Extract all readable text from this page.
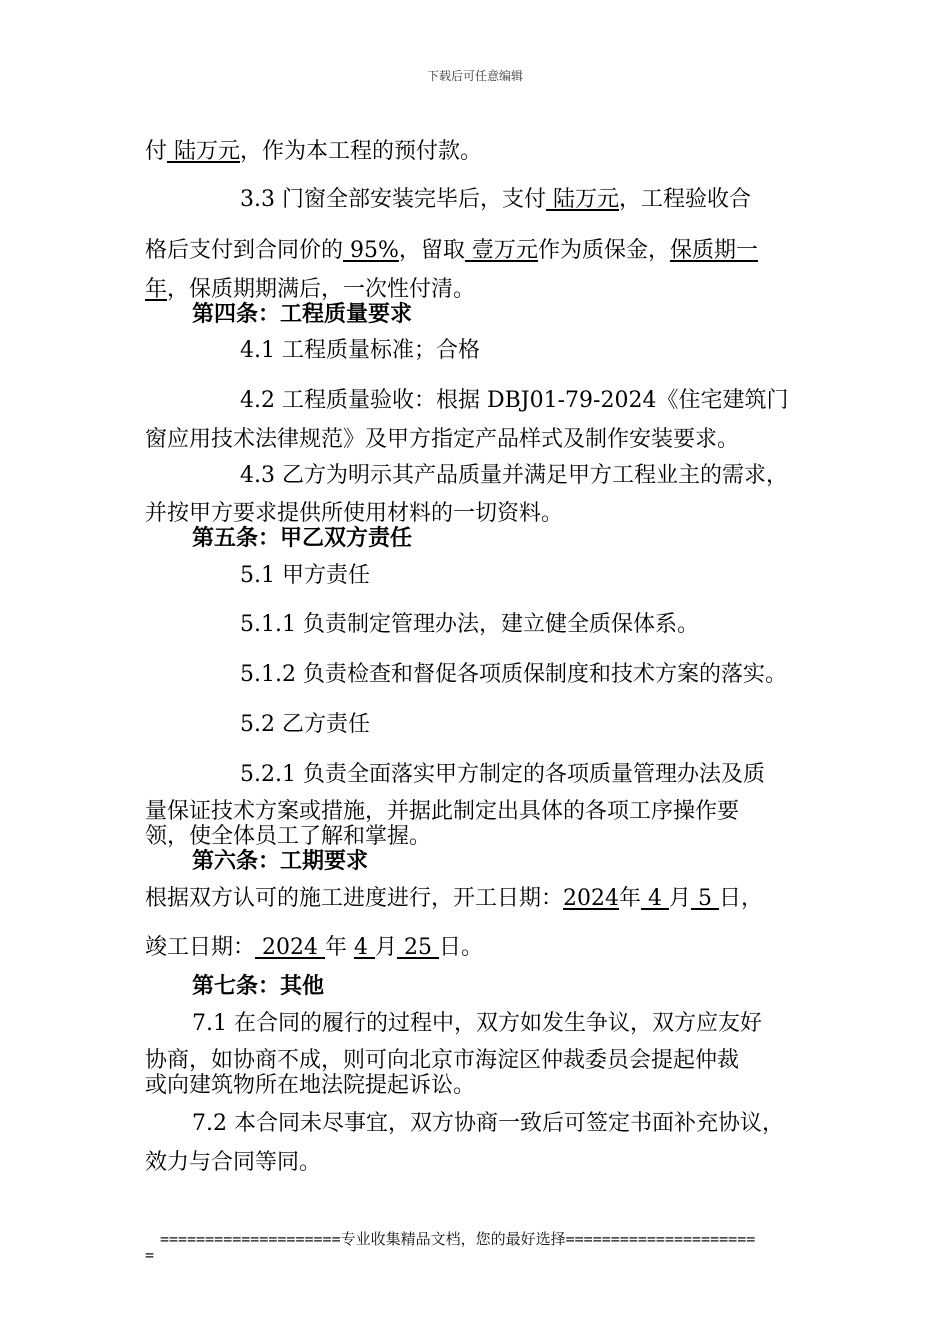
下载后可任意编辑
付 陆万元，作为本工程的预付款。
3.3 门窗全部安装完毕后，支付 陆万元，工程验收合
格后支付到合同价的 95%，留取 壹万元作为质保金，保质期一
年，保质期期满后，一次性付清。
第四条：工程质量要求
4.1 工程质量标准；合格
4.2 工程质量验收：根据 DBJ01-79-2024《住宅建筑门
窗应用技术法律规范》及甲方指定产品样式及制作安装要求。
4.3 乙方为明示其产品质量并满足甲方工程业主的需求，
并按甲方要求提供所使用材料的一切资料。
第五条：甲乙双方责任
5.1 甲方责任
5.1.1 负责制定管理办法，建立健全质保体系。
5.1.2 负责检查和督促各项质保制度和技术方案的落实。
5.2 乙方责任
5.2.1 负责全面落实甲方制定的各项质量管理办法及质
量保证技术方案或措施，并据此制定出具体的各项工序操作要
领，使全体员工了解和掌握。
第六条：工期要求
根据双方认可的施工进度进行，开工日期：2024年 4 月 5 日，
竣工日期： 2024 年 4 月 25 日。
第七条：其他
7.1 在合同的履行的过程中，双方如发生争议，双方应友好
协商，如协商不成，则可向北京市海淀区仲裁委员会提起仲裁
或向建筑物所在地法院提起诉讼。
7.2 本合同未尽事宜，双方协商一致后可签定书面补充协议，
效力与合同等同。
====================专业收集精品文档，您的最好选择=====================
=
